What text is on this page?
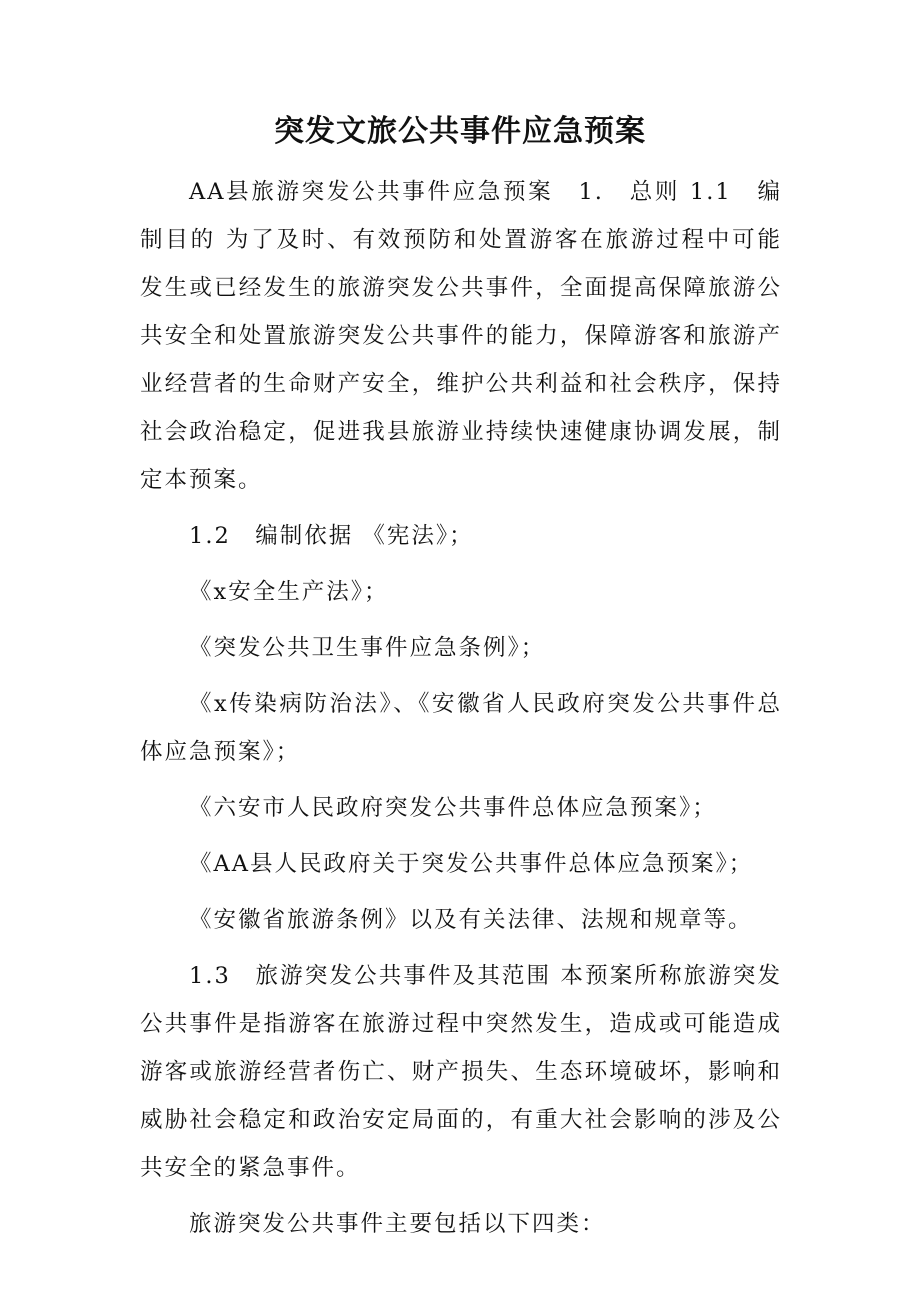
突发文旅公共事件应急预案

AA县旅游突发公共事件应急预案　1.　总则 1.1　编制目的 为了及时、有效预防和处置游客在旅游过程中可能发生或已经发生的旅游突发公共事件，全面提高保障旅游公共安全和处置旅游突发公共事件的能力，保障游客和旅游产业经营者的生命财产安全，维护公共利益和社会秩序，保持社会政治稳定，促进我县旅游业持续快速健康协调发展，制定本预案。

1.2　编制依据 《宪法》；

《x安全生产法》；

《突发公共卫生事件应急条例》；

《x传染病防治法》、《安徽省人民政府突发公共事件总体应急预案》；

《六安市人民政府突发公共事件总体应急预案》；

《AA县人民政府关于突发公共事件总体应急预案》；

《安徽省旅游条例》以及有关法律、法规和规章等。

1.3　旅游突发公共事件及其范围 本预案所称旅游突发公共事件是指游客在旅游过程中突然发生，造成或可能造成游客或旅游经营者伤亡、财产损失、生态环境破坏，影响和威胁社会稳定和政治安定局面的，有重大社会影响的涉及公共安全的紧急事件。

旅游突发公共事件主要包括以下四类：
